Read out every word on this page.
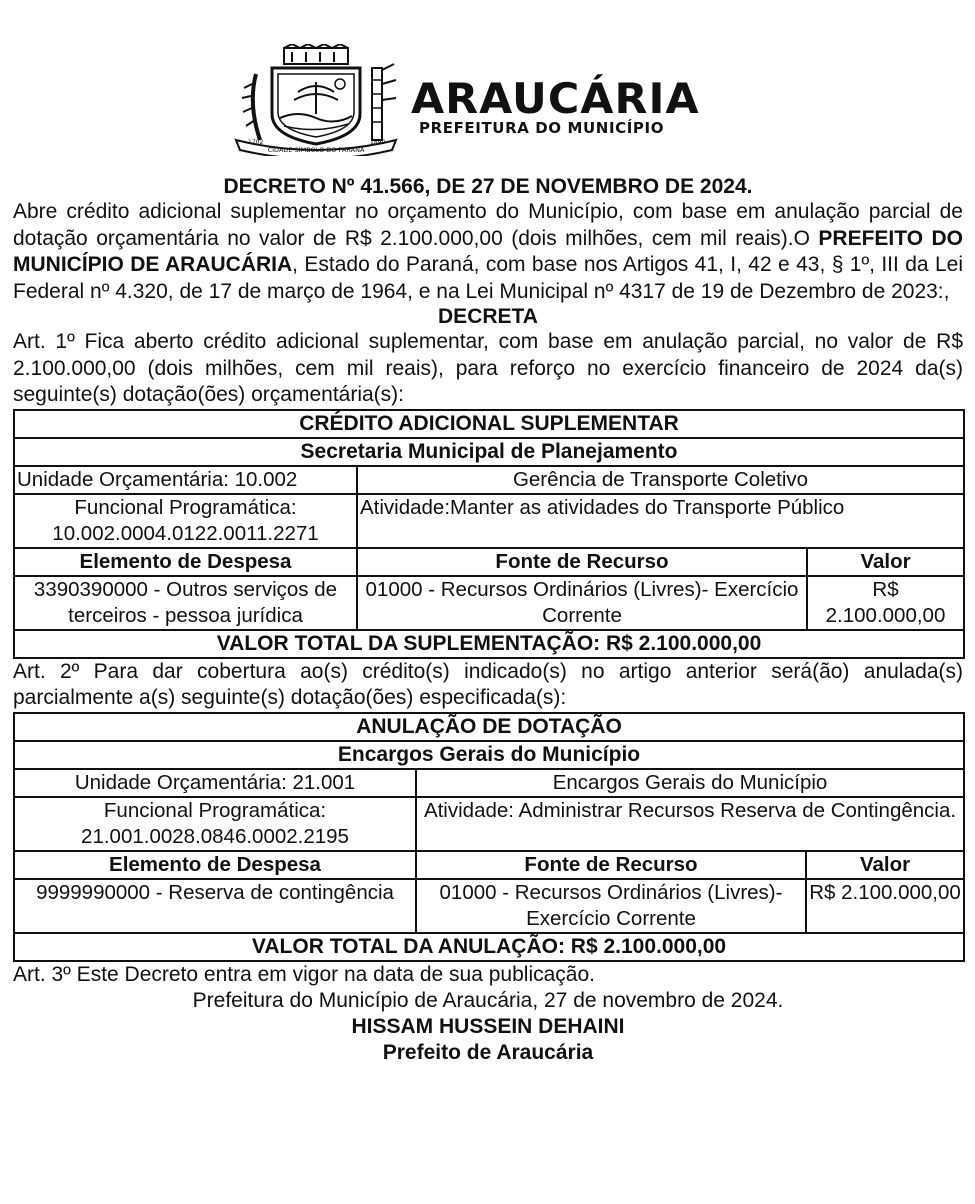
CIDADE SÍMBOLO DO PARANÁ
1702	1890
ARAUCÁRIA
PREFEITURA DO MUNICÍPIO
DECRETO Nº 41.566, DE 27 DE NOVEMBRO DE 2024.

Abre crédito adicional suplementar no orçamento do Município, com base em anulação parcial de dotação orçamentária no valor de R$ 2.100.000,00 (dois milhões, cem mil reais).O PREFEITO DO MUNICÍPIO DE ARAUCÁRIA, Estado do Paraná, com base nos Artigos 41, I, 42 e 43, § 1º, III da Lei Federal nº 4.320, de 17 de março de 1964, e na Lei Municipal nº 4317 de 19 de Dezembro de 2023:,

DECRETA

Art. 1º Fica aberto crédito adicional suplementar, com base em anulação parcial, no valor de R$ 2.100.000,00 (dois milhões, cem mil reais), para reforço no exercício financeiro de 2024 da(s) seguinte(s) dotação(ões) orçamentária(s):

CRÉDITO ADICIONAL SUPLEMENTAR		
Secretaria Municipal de Planejamento		
Unidade Orçamentária: 10.002	Gerência de Transporte Coletivo	
Funcional Programática:
10.002.0004.0122.0011.2271	Atividade:Manter as atividades do Transporte Público	
Elemento de Despesa	Fonte de Recurso	Valor
3390390000 - Outros serviços de terceiros - pessoa jurídica	01000 - Recursos Ordinários (Livres)- Exercício Corrente	R$ 2.100.000,00
VALOR TOTAL DA SUPLEMENTAÇÃO: R$ 2.100.000,00		

Art. 2º Para dar cobertura ao(s) crédito(s) indicado(s) no artigo anterior será(ão) anulada(s) parcialmente a(s) seguinte(s) dotação(ões) especificada(s):

ANULAÇÃO DE DOTAÇÃO		
Encargos Gerais do Município		
Unidade Orçamentária: 21.001	Encargos Gerais do Município	
Funcional Programática:
21.001.0028.0846.0002.2195	Atividade: Administrar Recursos Reserva de Contingência.	
Elemento de Despesa	Fonte de Recurso	Valor
9999990000 - Reserva de contingência	01000 - Recursos Ordinários (Livres)- Exercício Corrente	R$ 2.100.000,00
VALOR TOTAL DA ANULAÇÃO: R$ 2.100.000,00		
Art. 3º Este Decreto entra em vigor na data de sua publicação.
Prefeitura do Município de Araucária, 27 de novembro de 2024.
HISSAM HUSSEIN DEHAINI
Prefeito de Araucária
